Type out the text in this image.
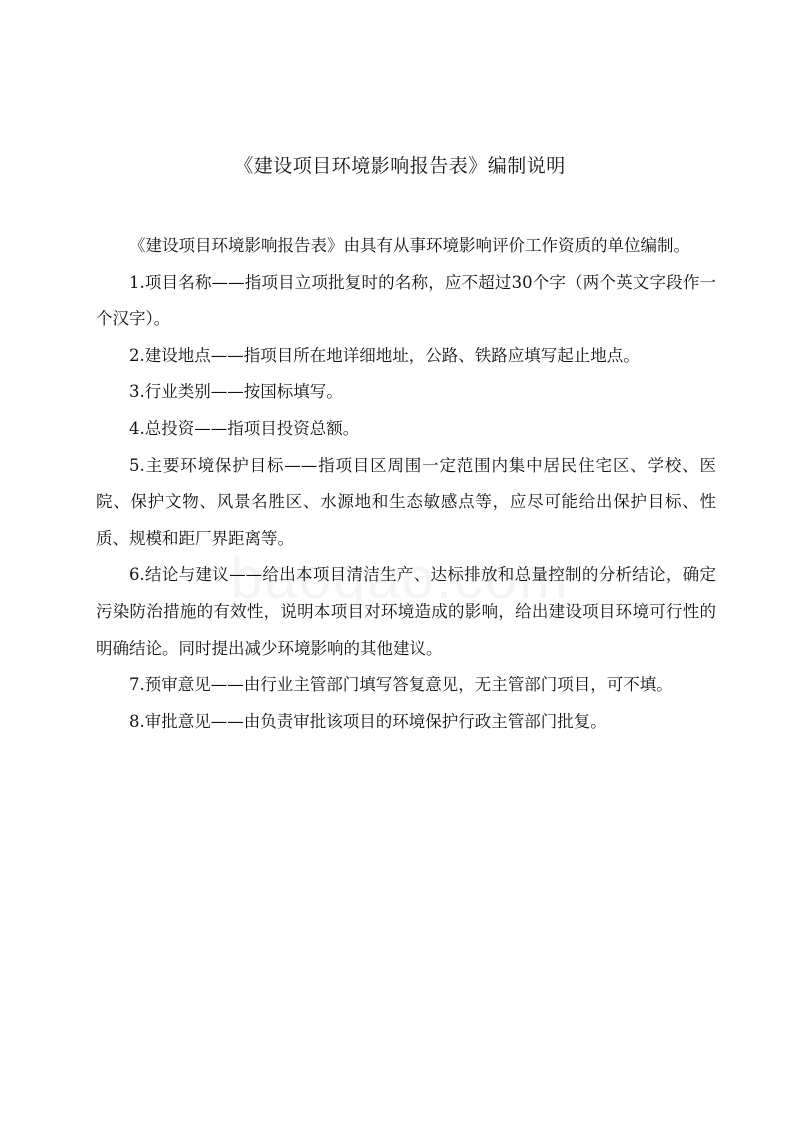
《建设项目环境影响报告表》编制说明

《建设项目环境影响报告表》由具有从事环境影响评价工作资质的单位编制。

1.项目名称——指项目立项批复时的名称，应不超过30个字（两个英文字段作一个汉字）。

2.建设地点——指项目所在地详细地址，公路、铁路应填写起止地点。

3.行业类别——按国标填写。

4.总投资——指项目投资总额。

5.主要环境保护目标——指项目区周围一定范围内集中居民住宅区、学校、医院、保护文物、风景名胜区、水源地和生态敏感点等，应尽可能给出保护目标、性质、规模和距厂界距离等。

6.结论与建议——给出本项目清洁生产、达标排放和总量控制的分析结论，确定污染防治措施的有效性，说明本项目对环境造成的影响，给出建设项目环境可行性的明确结论。同时提出减少环境影响的其他建议。

7.预审意见——由行业主管部门填写答复意见，无主管部门项目，可不填。

8.审批意见——由负责审批该项目的环境保护行政主管部门批复。
